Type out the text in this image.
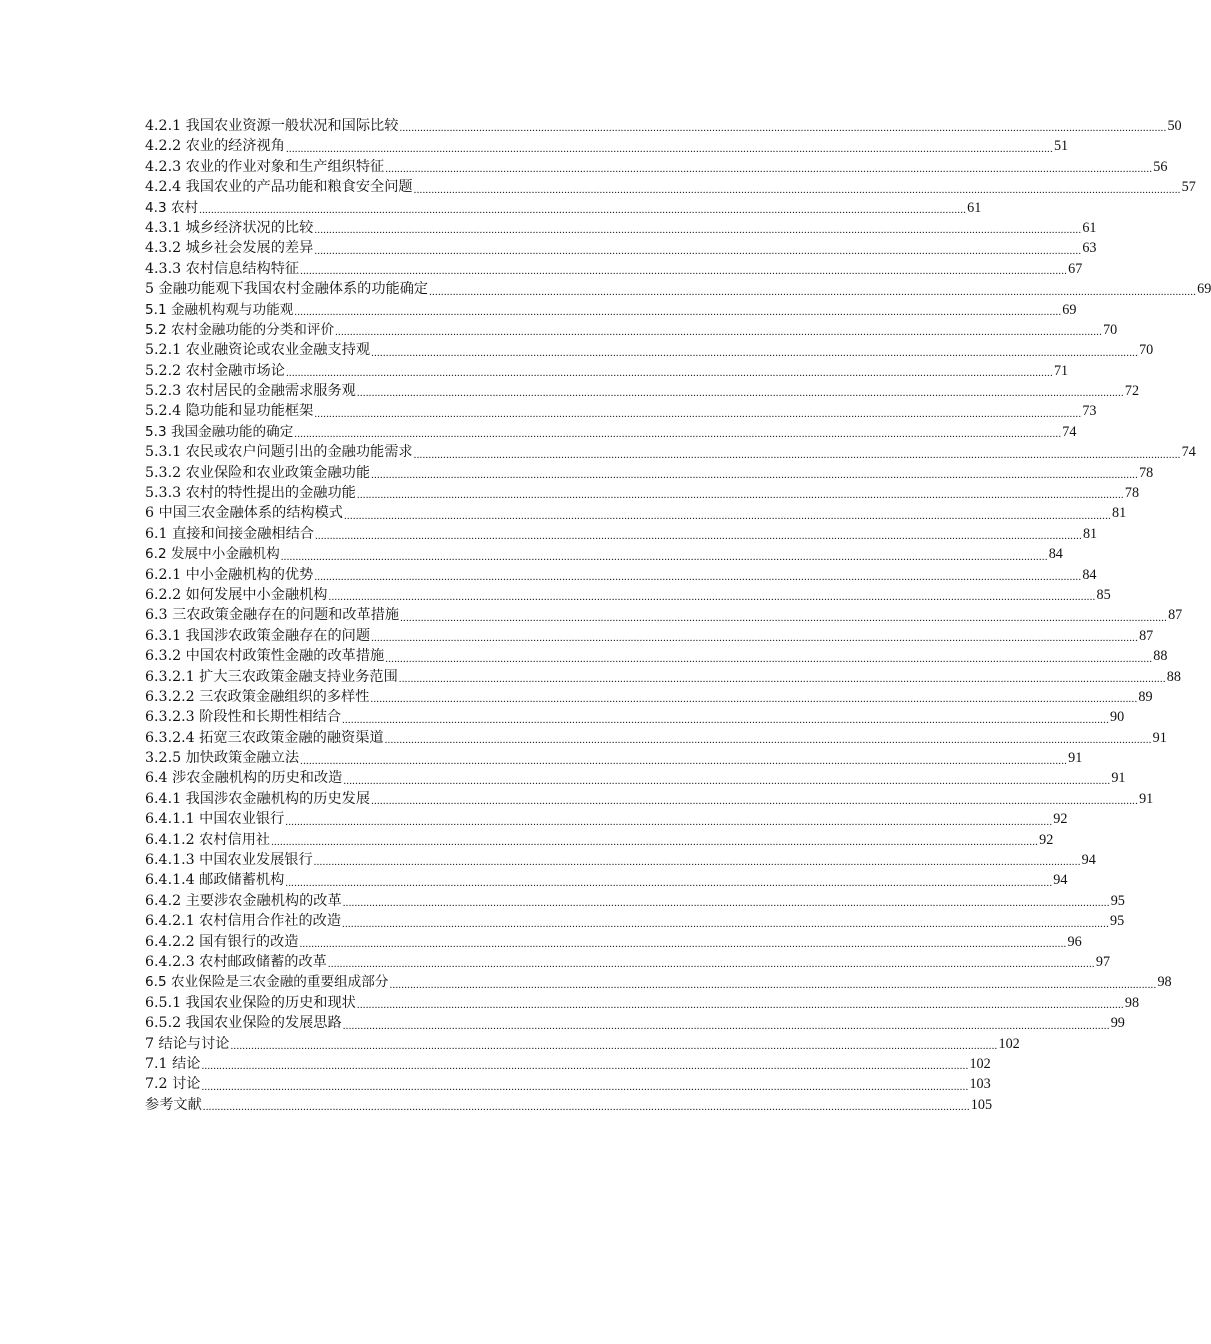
4.2.1 我国农业资源一般状况和国际比较 .................................................................................................................................................................................................................................................................... 50
4.2.2 农业的经济视角 .................................................................................................................................................................................................................................................................... 51
4.2.3 农业的作业对象和生产组织特征 .................................................................................................................................................................................................................................................................... 56
4.2.4 我国农业的产品功能和粮食安全问题 .................................................................................................................................................................................................................................................................... 57
4.3 农村 .................................................................................................................................................................................................................................................................... 61
4.3.1 城乡经济状况的比较 .................................................................................................................................................................................................................................................................... 61
4.3.2 城乡社会发展的差异 .................................................................................................................................................................................................................................................................... 63
4.3.3 农村信息结构特征 .................................................................................................................................................................................................................................................................... 67
5 金融功能观下我国农村金融体系的功能确定 .................................................................................................................................................................................................................................................................... 69
5.1 金融机构观与功能观 .................................................................................................................................................................................................................................................................... 69
5.2 农村金融功能的分类和评价 .................................................................................................................................................................................................................................................................... 70
5.2.1 农业融资论或农业金融支持观 .................................................................................................................................................................................................................................................................... 70
5.2.2 农村金融市场论 .................................................................................................................................................................................................................................................................... 71
5.2.3 农村居民的金融需求服务观 .................................................................................................................................................................................................................................................................... 72
5.2.4 隐功能和显功能框架 .................................................................................................................................................................................................................................................................... 73
5.3 我国金融功能的确定 .................................................................................................................................................................................................................................................................... 74
5.3.1 农民或农户问题引出的金融功能需求 .................................................................................................................................................................................................................................................................... 74
5.3.2 农业保险和农业政策金融功能 .................................................................................................................................................................................................................................................................... 78
5.3.3 农村的特性提出的金融功能 .................................................................................................................................................................................................................................................................... 78
6 中国三农金融体系的结构模式 .................................................................................................................................................................................................................................................................... 81
6.1 直接和间接金融相结合 .................................................................................................................................................................................................................................................................... 81
6.2 发展中小金融机构 .................................................................................................................................................................................................................................................................... 84
6.2.1 中小金融机构的优势 .................................................................................................................................................................................................................................................................... 84
6.2.2 如何发展中小金融机构 .................................................................................................................................................................................................................................................................... 85
6.3 三农政策金融存在的问题和改革措施 .................................................................................................................................................................................................................................................................... 87
6.3.1 我国涉农政策金融存在的问题 .................................................................................................................................................................................................................................................................... 87
6.3.2 中国农村政策性金融的改革措施 .................................................................................................................................................................................................................................................................... 88
6.3.2.1 扩大三农政策金融支持业务范围 .................................................................................................................................................................................................................................................................... 88
6.3.2.2 三农政策金融组织的多样性 .................................................................................................................................................................................................................................................................... 89
6.3.2.3 阶段性和长期性相结合 .................................................................................................................................................................................................................................................................... 90
6.3.2.4 拓宽三农政策金融的融资渠道 .................................................................................................................................................................................................................................................................... 91
3.2.5 加快政策金融立法 .................................................................................................................................................................................................................................................................... 91
6.4 涉农金融机构的历史和改造 .................................................................................................................................................................................................................................................................... 91
6.4.1 我国涉农金融机构的历史发展 .................................................................................................................................................................................................................................................................... 91
6.4.1.1 中国农业银行 .................................................................................................................................................................................................................................................................... 92
6.4.1.2 农村信用社 .................................................................................................................................................................................................................................................................... 92
6.4.1.3 中国农业发展银行 .................................................................................................................................................................................................................................................................... 94
6.4.1.4 邮政储蓄机构 .................................................................................................................................................................................................................................................................... 94
6.4.2 主要涉农金融机构的改革 .................................................................................................................................................................................................................................................................... 95
6.4.2.1 农村信用合作社的改造 .................................................................................................................................................................................................................................................................... 95
6.4.2.2 国有银行的改造 .................................................................................................................................................................................................................................................................... 96
6.4.2.3 农村邮政储蓄的改革 .................................................................................................................................................................................................................................................................... 97
6.5 农业保险是三农金融的重要组成部分 .................................................................................................................................................................................................................................................................... 98
6.5.1 我国农业保险的历史和现状 .................................................................................................................................................................................................................................................................... 98
6.5.2 我国农业保险的发展思路 .................................................................................................................................................................................................................................................................... 99
7 结论与讨论 .................................................................................................................................................................................................................................................................... 102
7.1 结论 .................................................................................................................................................................................................................................................................... 102
7.2 讨论 .................................................................................................................................................................................................................................................................... 103
参考文献 .................................................................................................................................................................................................................................................................... 105
